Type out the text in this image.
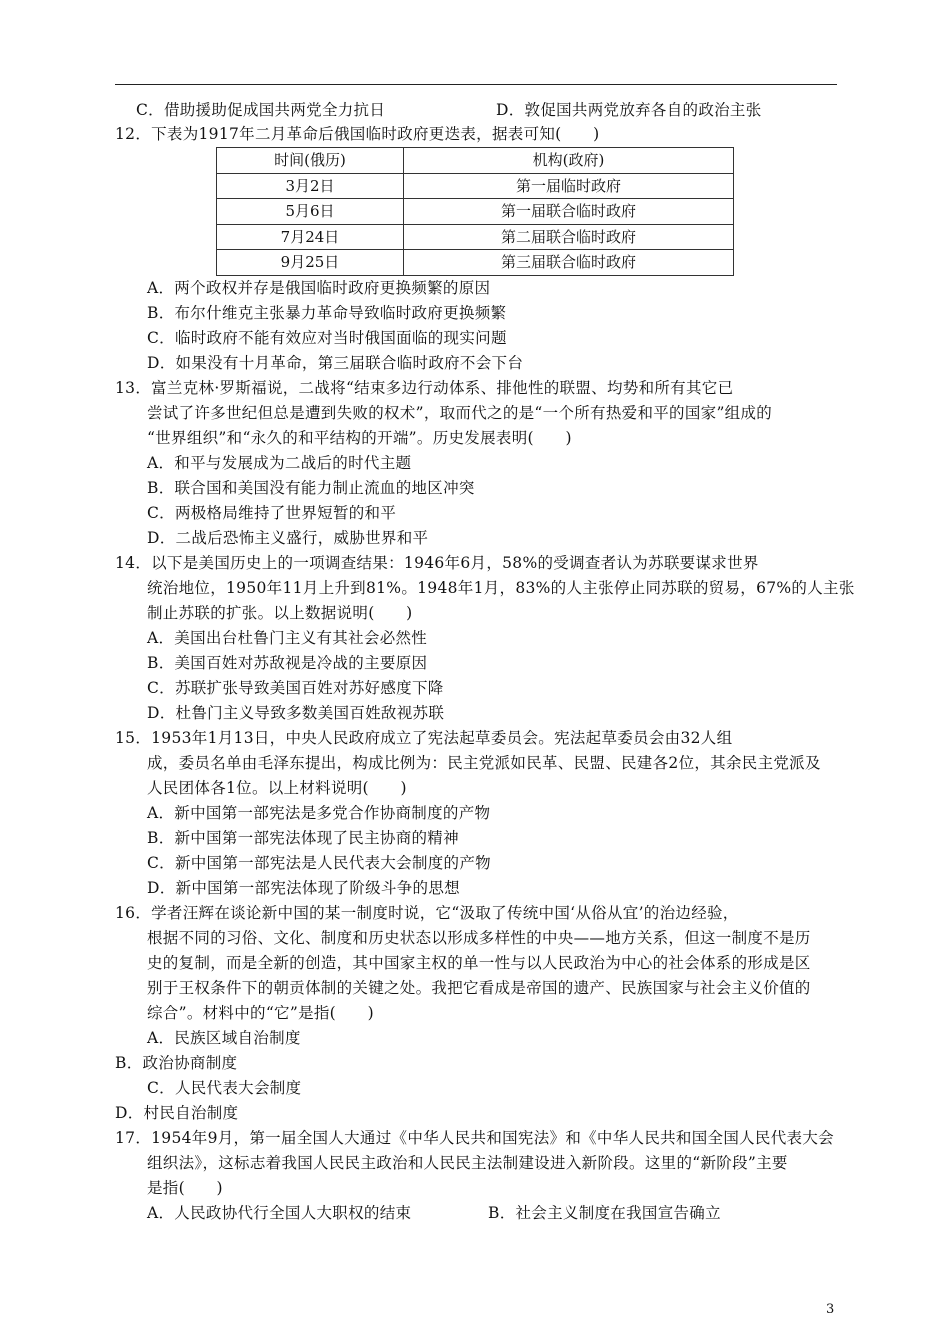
C．借助援助促成国共两党全力抗日	D．敦促国共两党放弃各自的政治主张
12．下表为1917年二月革命后俄国临时政府更迭表，据表可知(　　)
时间(俄历)	机构(政府)
3月2日	第一届临时政府
5月6日	第一届联合临时政府
7月24日	第二届联合临时政府
9月25日	第三届联合临时政府
A．两个政权并存是俄国临时政府更换频繁的原因
B．布尔什维克主张暴力革命导致临时政府更换频繁
C．临时政府不能有效应对当时俄国面临的现实问题
D．如果没有十月革命，第三届联合临时政府不会下台
13．富兰克林·罗斯福说，二战将“结束多边行动体系、排他性的联盟、均势和所有其它已
尝试了许多世纪但总是遭到失败的权术”，取而代之的是“一个所有热爱和平的国家”组成的
“世界组织”和“永久的和平结构的开端”。历史发展表明(　　)
A．和平与发展成为二战后的时代主题
B．联合国和美国没有能力制止流血的地区冲突
C．两极格局维持了世界短暂的和平
D．二战后恐怖主义盛行，威胁世界和平
14．以下是美国历史上的一项调查结果：1946年6月，58%的受调查者认为苏联要谋求世界
统治地位，1950年11月上升到81%。1948年1月，83%的人主张停止同苏联的贸易，67%的人主张
制止苏联的扩张。以上数据说明(　　)
A．美国出台杜鲁门主义有其社会必然性
B．美国百姓对苏敌视是冷战的主要原因
C．苏联扩张导致美国百姓对苏好感度下降
D．杜鲁门主义导致多数美国百姓敌视苏联
15．1953年1月13日，中央人民政府成立了宪法起草委员会。宪法起草委员会由32人组
成，委员名单由毛泽东提出，构成比例为：民主党派如民革、民盟、民建各2位，其余民主党派及
人民团体各1位。以上材料说明(　　)
A．新中国第一部宪法是多党合作协商制度的产物
B．新中国第一部宪法体现了民主协商的精神
C．新中国第一部宪法是人民代表大会制度的产物
D．新中国第一部宪法体现了阶级斗争的思想
16．学者汪辉在谈论新中国的某一制度时说，它“汲取了传统中国‘从俗从宜’的治边经验，
根据不同的习俗、文化、制度和历史状态以形成多样性的中央——地方关系，但这一制度不是历
史的复制，而是全新的创造，其中国家主权的单一性与以人民政治为中心的社会体系的形成是区
别于王权条件下的朝贡体制的关键之处。我把它看成是帝国的遗产、民族国家与社会主义价值的
综合”。材料中的“它”是指(　　)
A．民族区域自治制度
B．政治协商制度
C．人民代表大会制度
D．村民自治制度
17．1954年9月，第一届全国人大通过《中华人民共和国宪法》和《中华人民共和国全国人民代表大会
组织法》，这标志着我国人民民主政治和人民民主法制建设进入新阶段。这里的“新阶段”主要
是指(　　)
A．人民政协代行全国人大职权的结束	B．社会主义制度在我国宣告确立
3
